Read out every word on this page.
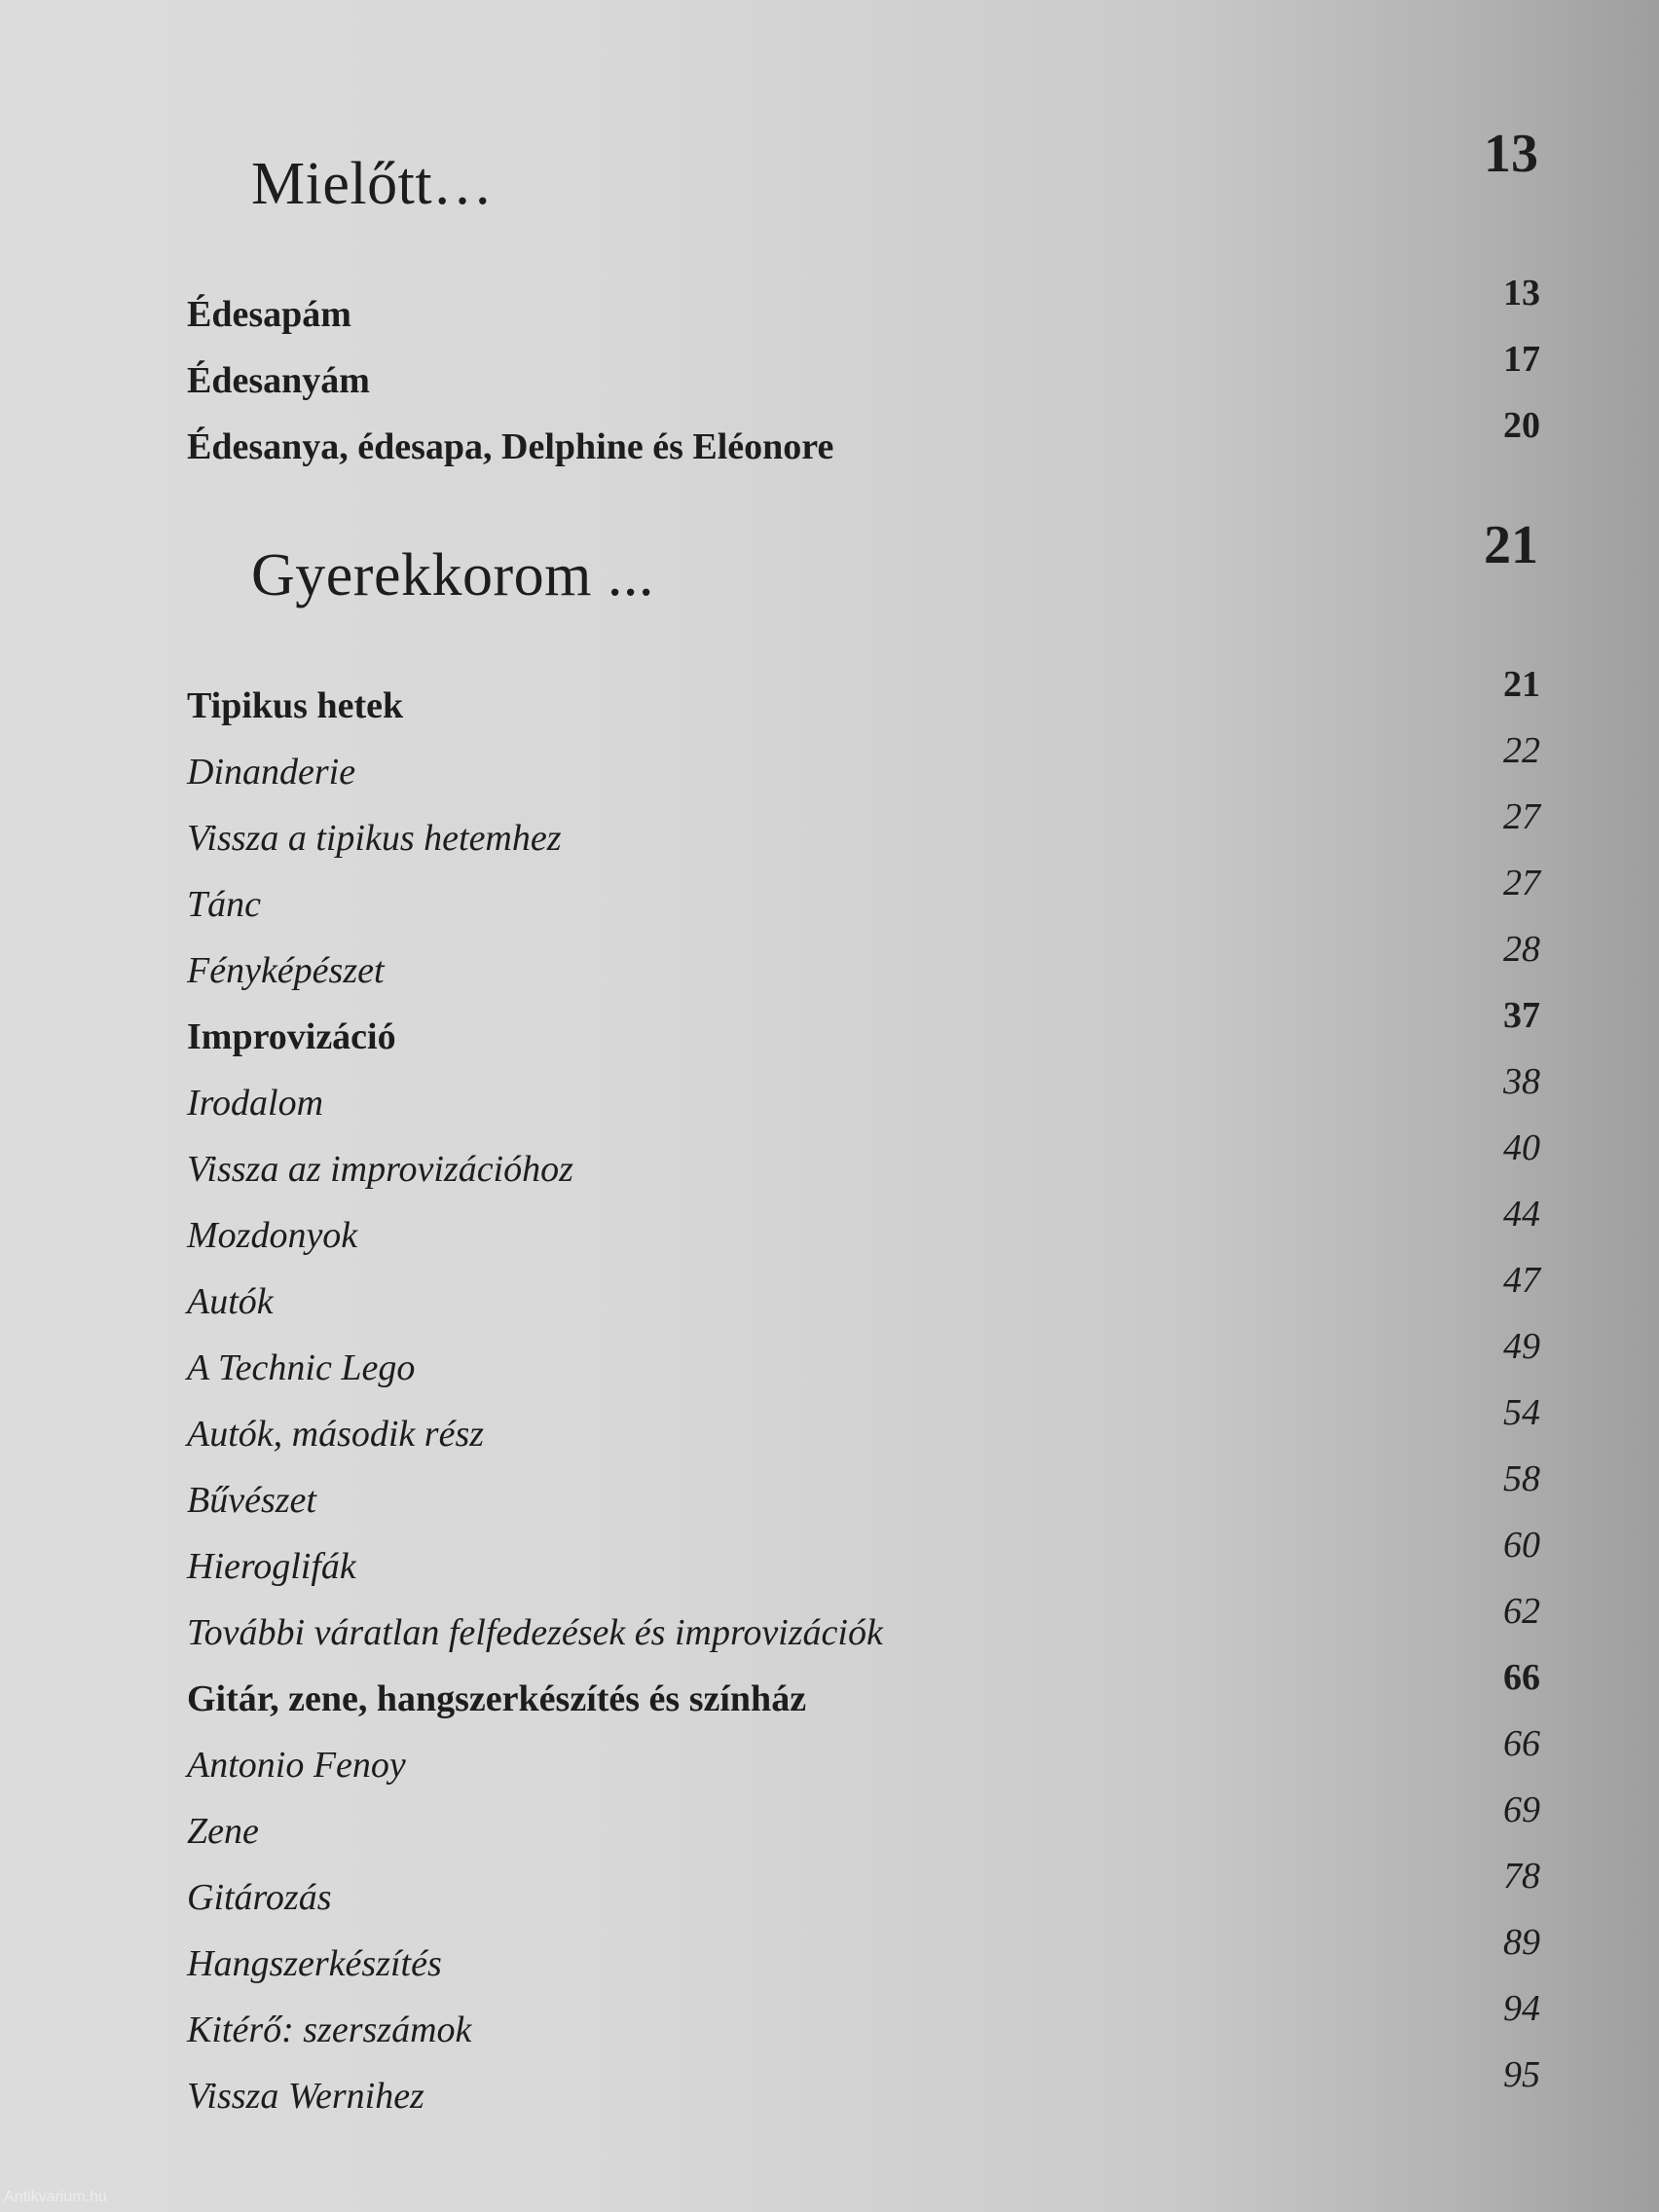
Mielőtt…	13
Édesapám
13
Édesanyám
17
Édesanya, édesapa, Delphine és Eléonore
20
Gyerekkorom ...	21
Tipikus hetek
21
Dinanderie
22
Vissza a tipikus hetemhez
27
Tánc
27
Fényképészet
28
Improvizáció
37
Irodalom
38
Vissza az improvizációhoz
40
Mozdonyok
44
Autók
47
A Technic Lego
49
Autók, második rész
54
Bűvészet
58
Hieroglifák
60
További váratlan felfedezések és improvizációk
62
Gitár, zene, hangszerkészítés és színház
66
Antonio Fenoy
66
Zene
69
Gitározás
78
Hangszerkészítés
89
Kitérő: szerszámok
94
Vissza Wernihez
95
Antikvarium.hu
